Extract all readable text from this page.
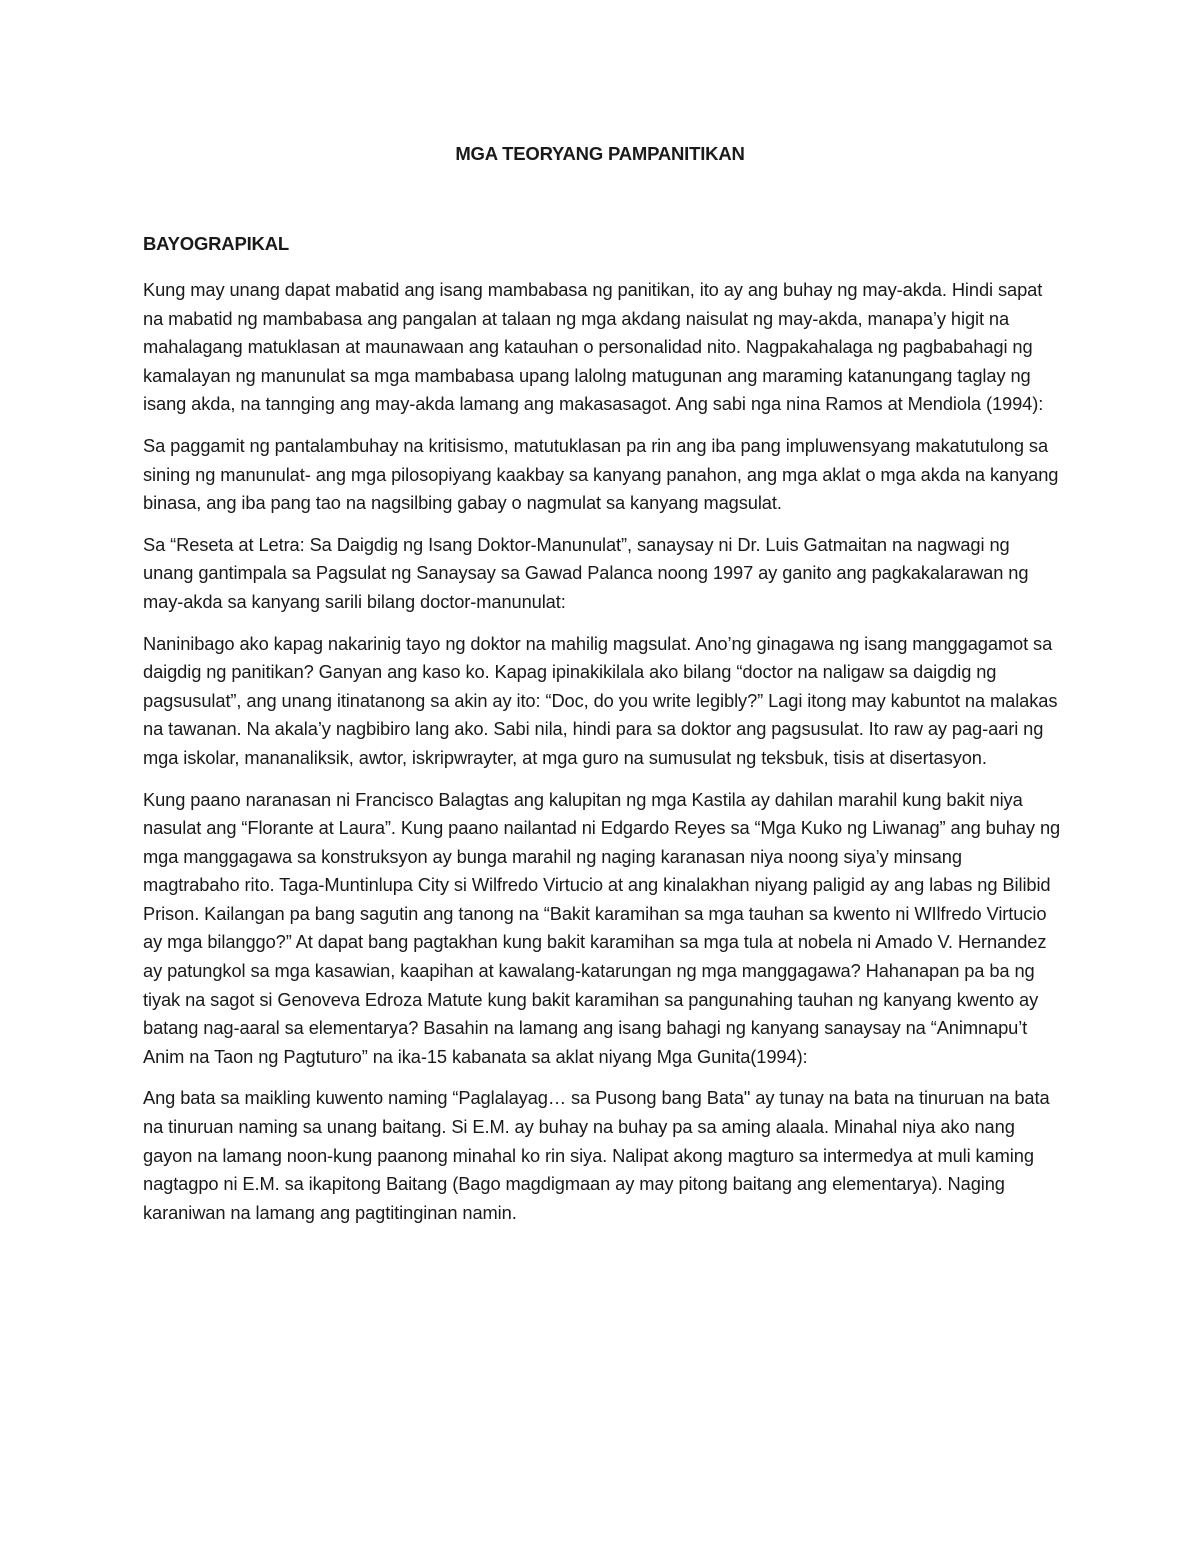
MGA TEORYANG PAMPANITIKAN
BAYOGRAPIKAL

Kung may unang dapat mabatid ang isang mambabasa ng panitikan, ito ay ang buhay ng may-akda. Hindi sapat na mabatid ng mambabasa ang pangalan at talaan ng mga akdang naisulat ng may-akda, manapa’y higit na mahalagang matuklasan at maunawaan ang katauhan o personalidad nito. Nagpakahalaga ng pagbabahagi ng kamalayan ng manunulat sa mga mambabasa upang lalolng matugunan ang maraming katanungang taglay ng isang akda, na tannging ang may-akda lamang ang makasasagot. Ang sabi nga nina Ramos at Mendiola (1994):

Sa paggamit ng pantalambuhay na kritisismo, matutuklasan pa rin ang iba pang impluwensyang makatutulong sa sining ng manunulat- ang mga pilosopiyang kaakbay sa kanyang panahon, ang mga aklat o mga akda na kanyang binasa, ang iba pang tao na nagsilbing gabay o nagmulat sa kanyang magsulat.

Sa “Reseta at Letra: Sa Daigdig ng Isang Doktor-Manunulat”, sanaysay ni Dr. Luis Gatmaitan na nagwagi ng unang gantimpala sa Pagsulat ng Sanaysay sa Gawad Palanca noong 1997 ay ganito ang pagkakalarawan ng may-akda sa kanyang sarili bilang doctor-manunulat:

Naninibago ako kapag nakarinig tayo ng doktor na mahilig magsulat. Ano’ng ginagawa ng isang manggagamot sa daigdig ng panitikan? Ganyan ang kaso ko. Kapag ipinakikilala ako bilang “doctor na naligaw sa daigdig ng pagsusulat”, ang unang itinatanong sa akin ay ito: “Doc, do you write legibly?” Lagi itong may kabuntot na malakas na tawanan. Na akala’y nagbibiro lang ako. Sabi nila, hindi para sa doktor ang pagsusulat. Ito raw ay pag-aari ng mga iskolar, mananaliksik, awtor, iskripwrayter, at mga guro na sumusulat ng teksbuk, tisis at disertasyon.

Kung paano naranasan ni Francisco Balagtas ang kalupitan ng mga Kastila ay dahilan marahil kung bakit niya nasulat ang “Florante at Laura”. Kung paano nailantad ni Edgardo Reyes sa “Mga Kuko ng Liwanag” ang buhay ng mga manggagawa sa konstruksyon ay bunga marahil ng naging karanasan niya noong siya’y minsang magtrabaho rito. Taga-Muntinlupa City si Wilfredo Virtucio at ang kinalakhan niyang paligid ay ang labas ng Bilibid Prison. Kailangan pa bang sagutin ang tanong na “Bakit karamihan sa mga tauhan sa kwento ni WIlfredo Virtucio ay mga bilanggo?” At dapat bang pagtakhan kung bakit karamihan sa mga tula at nobela ni Amado V. Hernandez ay patungkol sa mga kasawian, kaapihan at kawalang-katarungan ng mga manggagawa? Hahanapan pa ba ng tiyak na sagot si Genoveva Edroza Matute kung bakit karamihan sa pangunahing tauhan ng kanyang kwento ay batang nag-aaral sa elementarya? Basahin na lamang ang isang bahagi ng kanyang sanaysay na “Animnapu’t Anim na Taon ng Pagtuturo” na ika-15 kabanata sa aklat niyang Mga Gunita(1994):

Ang bata sa maikling kuwento naming “Paglalayag… sa Pusong bang Bata" ay tunay na bata na tinuruan na bata na tinuruan naming sa unang baitang. Si E.M. ay buhay na buhay pa sa aming alaala. Minahal niya ako nang gayon na lamang noon-kung paanong minahal ko rin siya. Nalipat akong magturo sa intermedya at muli kaming nagtagpo ni E.M. sa ikapitong Baitang (Bago magdigmaan ay may pitong baitang ang elementarya). Naging karaniwan na lamang ang pagtitinginan namin.
